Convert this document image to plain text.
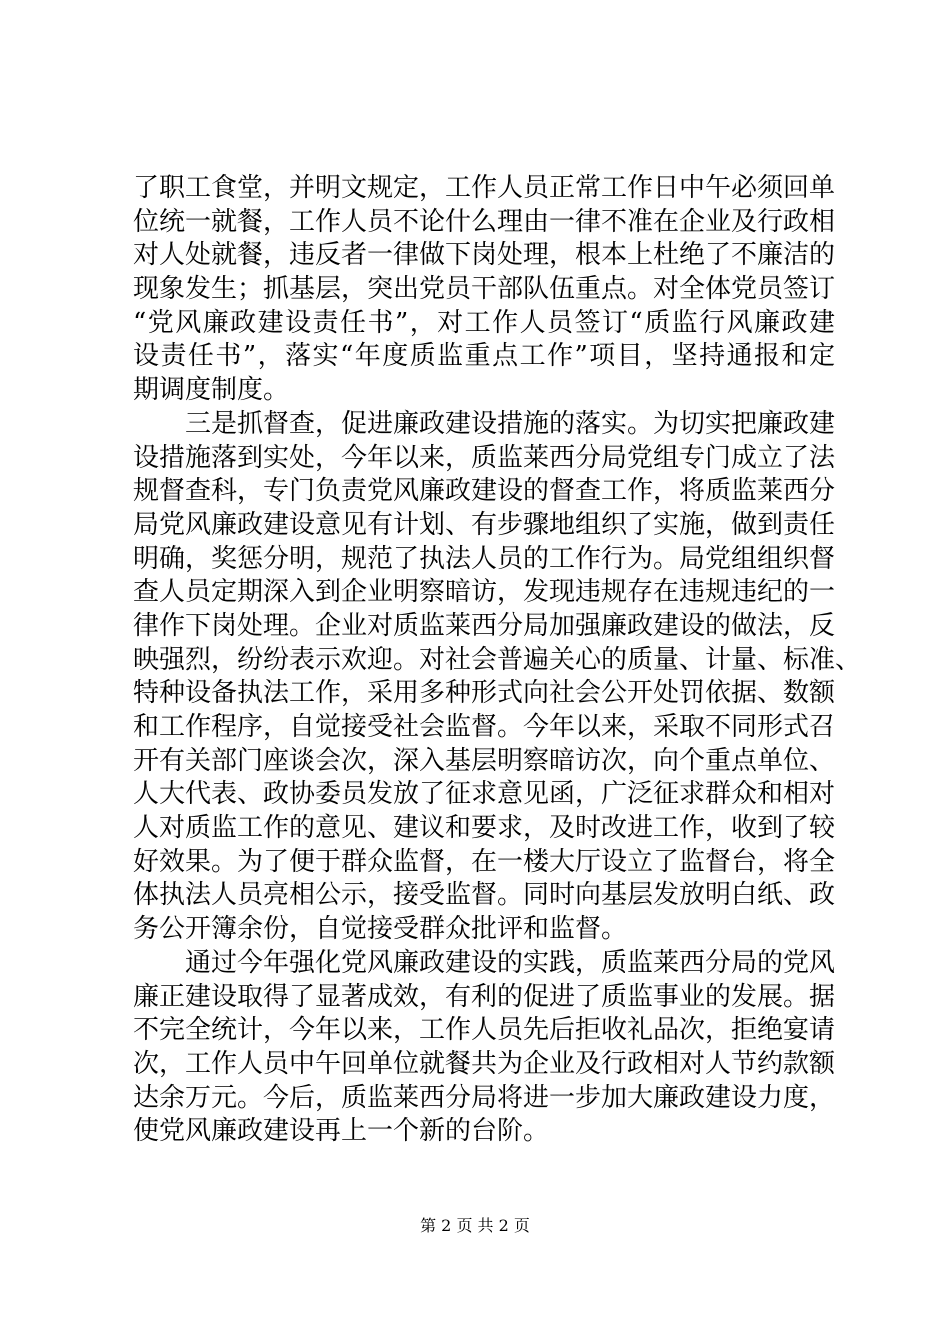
了职工食堂，并明文规定，工作人员正常工作日中午必须回单
位统一就餐，工作人员不论什么理由一律不准在企业及行政相
对人处就餐，违反者一律做下岗处理，根本上杜绝了不廉洁的
现象发生；抓基层，突出党员干部队伍重点。对全体党员签订
“党风廉政建设责任书”，对工作人员签订“质监行风廉政建
设责任书”，落实“年度质监重点工作”项目，坚持通报和定
期调度制度。
三是抓督查，促进廉政建设措施的落实。为切实把廉政建
设措施落到实处，今年以来，质监莱西分局党组专门成立了法
规督查科，专门负责党风廉政建设的督查工作，将质监莱西分
局党风廉政建设意见有计划、有步骤地组织了实施，做到责任
明确，奖惩分明，规范了执法人员的工作行为。局党组组织督
查人员定期深入到企业明察暗访，发现违规存在违规违纪的一
律作下岗处理。企业对质监莱西分局加强廉政建设的做法，反
映强烈，纷纷表示欢迎。对社会普遍关心的质量、计量、标准、
特种设备执法工作，采用多种形式向社会公开处罚依据、数额
和工作程序，自觉接受社会监督。今年以来，采取不同形式召
开有关部门座谈会次，深入基层明察暗访次，向个重点单位、
人大代表、政协委员发放了征求意见函，广泛征求群众和相对
人对质监工作的意见、建议和要求，及时改进工作，收到了较
好效果。为了便于群众监督，在一楼大厅设立了监督台，将全
体执法人员亮相公示，接受监督。同时向基层发放明白纸、政
务公开簿余份，自觉接受群众批评和监督。
通过今年强化党风廉政建设的实践，质监莱西分局的党风
廉正建设取得了显著成效，有利的促进了质监事业的发展。据
不完全统计，今年以来，工作人员先后拒收礼品次，拒绝宴请
次，工作人员中午回单位就餐共为企业及行政相对人节约款额
达余万元。今后，质监莱西分局将进一步加大廉政建设力度，
使党风廉政建设再上一个新的台阶。
第 2 页 共 2 页
